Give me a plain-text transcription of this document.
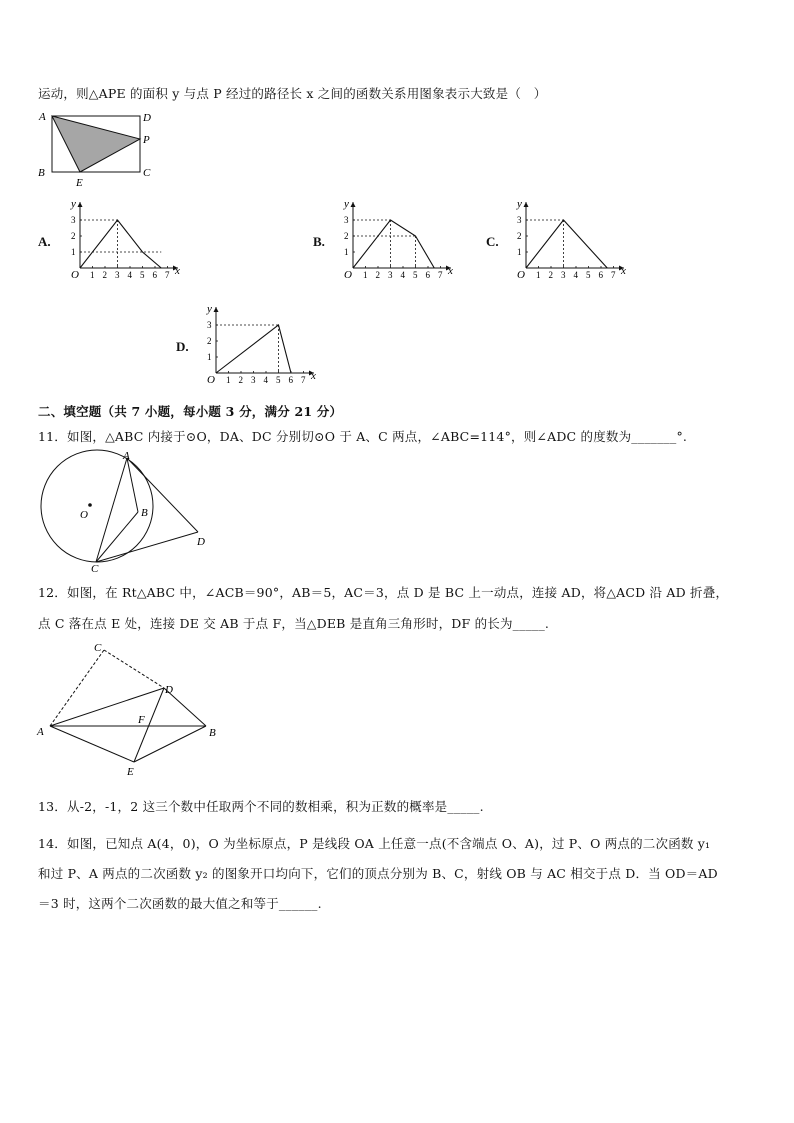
运动，则△APE 的面积 y 与点 P 经过的路径长 x 之间的函数关系用图象表示大致是（　）
A	D
P
C
B
E
A.	B.	C.
D.
y
x
O 1 2 3 4 5 6 7
1
2
3
y
x
O 1 2 3 4 5 6 7
1
2
3
y
x
O 1 2 3 4 5 6 7
1
2
3
y
x
O 1 2 3 4 5 6 7
1
2
3
二、填空题（共 7 小题，每小题 3 分，满分 21 分）
11．如图，△ABC 内接于⊙O，DA、DC 分别切⊙O 于 A、C 两点，∠ABC=114°，则∠ADC 的度数为_______°.
A
B
C
D
O
12．如图，在 Rt△ABC 中，∠ACB＝90°，AB＝5，AC＝3，点 D 是 BC 上一动点，连接 AD，将△ACD 沿 AD 折叠，
点 C 落在点 E 处，连接 DE 交 AB 于点 F，当△DEB 是直角三角形时，DF 的长为_____.
A	B
C
D
E
F
13．从-2，-1，2 这三个数中任取两个不同的数相乘，积为正数的概率是_____.
14．如图，已知点 A(4，0)，O 为坐标原点，P 是线段 OA 上任意一点(不含端点 O、A)，过 P、O 两点的二次函数 y₁
和过 P、A 两点的二次函数 y₂ 的图象开口均向下，它们的顶点分别为 B、C，射线 OB 与 AC 相交于点 D．当 OD＝AD
＝3 时，这两个二次函数的最大值之和等于______.
